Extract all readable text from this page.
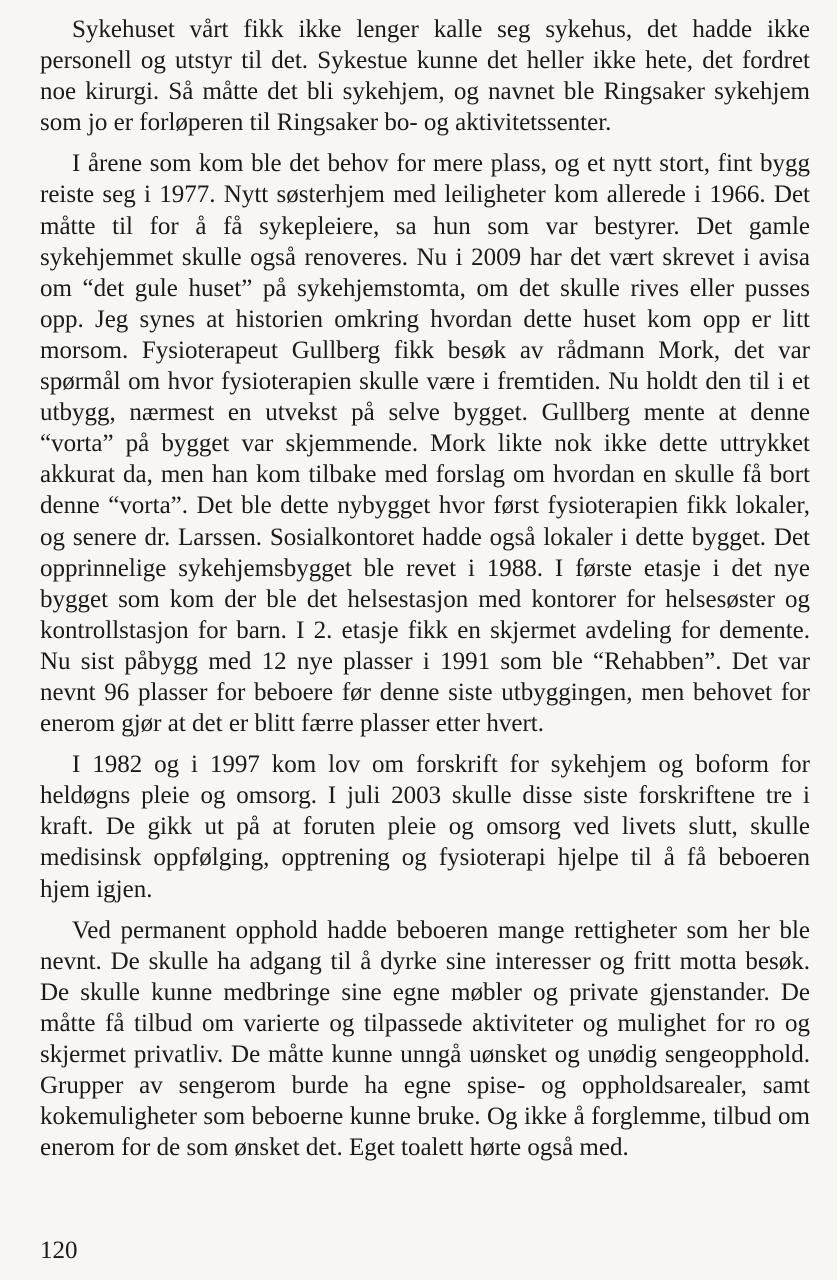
Sykehuset vårt fikk ikke lenger kalle seg sykehus, det hadde ikke personell og utstyr til det. Sykestue kunne det heller ikke hete, det fordret noe kirurgi. Så måtte det bli sykehjem, og navnet ble Ringsaker sykehjem som jo er forløperen til Ringsaker bo- og aktivitetssenter.

I årene som kom ble det behov for mere plass, og et nytt stort, fint bygg reiste seg i 1977. Nytt søsterhjem med leiligheter kom allerede i 1966. Det måtte til for å få sykepleiere, sa hun som var bestyrer. Det gamle sykehjemmet skulle også renoveres. Nu i 2009 har det vært skrevet i avisa om “det gule huset” på sykehjemstomta, om det skulle rives eller pusses opp. Jeg synes at historien omkring hvordan dette huset kom opp er litt morsom. Fysioterapeut Gullberg fikk besøk av rådmann Mork, det var spørmål om hvor fysioterapien skulle være i fremtiden. Nu holdt den til i et utbygg, nærmest en utvekst på selve bygget. Gullberg mente at denne “vorta” på bygget var skjemmende. Mork likte nok ikke dette uttrykket akkurat da, men han kom tilbake med forslag om hvordan en skulle få bort denne “vorta”. Det ble dette nybygget hvor først fysioterapien fikk lokaler, og senere dr. Larssen. Sosialkontoret hadde også lokaler i dette bygget. Det opprinnelige sykehjemsbygget ble revet i 1988. I første etasje i det nye bygget som kom der ble det helsestasjon med kontorer for helsesøster og kontrollstasjon for barn. I 2. etasje fikk en skjermet avdeling for demente. Nu sist påbygg med 12 nye plasser i 1991 som ble “Rehabben”. Det var nevnt 96 plasser for beboere før denne siste utbyggingen, men behovet for enerom gjør at det er blitt færre plasser etter hvert.

I 1982 og i 1997 kom lov om forskrift for sykehjem og boform for heldøgns pleie og omsorg. I juli 2003 skulle disse siste forskriftene tre i kraft. De gikk ut på at foruten pleie og omsorg ved livets slutt, skulle medisinsk oppfølging, opptrening og fysioterapi hjelpe til å få beboeren hjem igjen.

Ved permanent opphold hadde beboeren mange rettigheter som her ble nevnt. De skulle ha adgang til å dyrke sine interesser og fritt motta besøk. De skulle kunne medbringe sine egne møbler og private gjenstander. De måtte få tilbud om varierte og tilpassede aktiviteter og mulighet for ro og skjermet privatliv. De måtte kunne unngå uønsket og unødig sengeopphold. Grupper av sengerom burde ha egne spise- og oppholdsarealer, samt kokemuligheter som beboerne kunne bruke. Og ikke å forglemme, tilbud om enerom for de som ønsket det. Eget toalett hørte også med.

120
